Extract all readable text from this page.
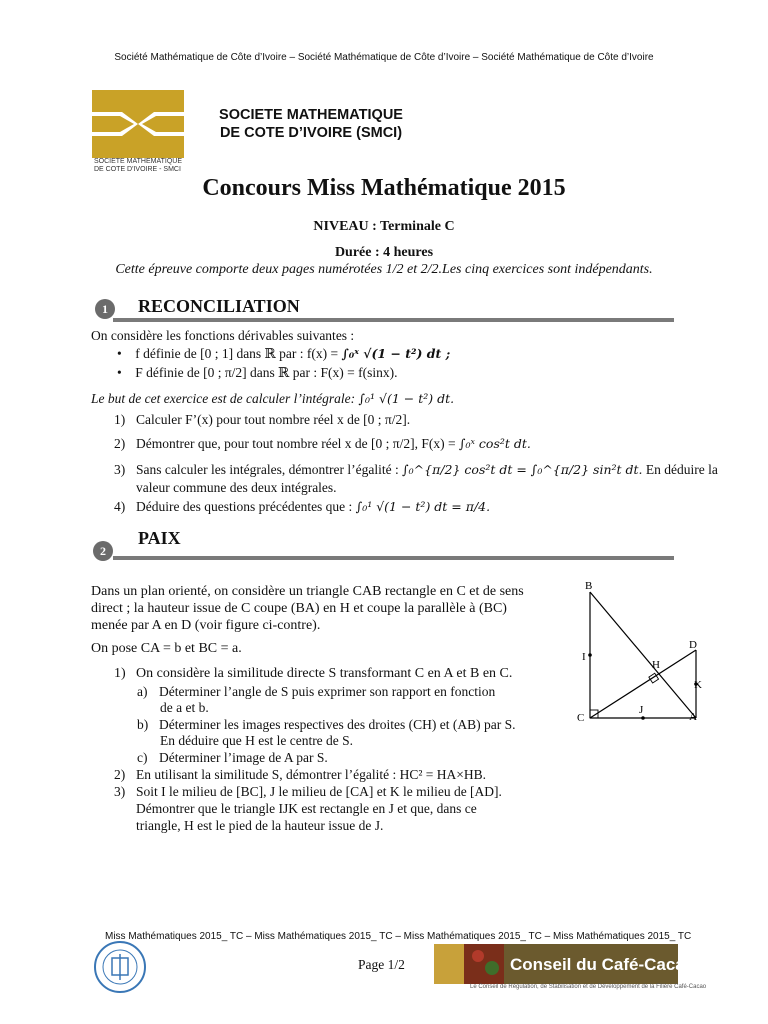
Société Mathématique de Côte d’Ivoire – Société Mathématique de Côte d’Ivoire – Société Mathématique de Côte d’Ivoire
SOCIETE MATHEMATIQUE
DE COTE D'IVOIRE - SMCI
SOCIETE MATHEMATIQUE
DE COTE D’IVOIRE (SMCI)
Concours Miss Mathématique 2015
NIVEAU : Terminale C
Durée : 4 heures
Cette épreuve comporte deux pages numérotées 1/2 et 2/2.Les cinq exercices sont indépendants.
1	RECONCILIATION
On considère les fonctions dérivables suivantes :
•    f définie de [0 ; 1] dans ℝ par : f(x) = ∫₀ˣ √(1 − t²) dt ;
•    F définie de [0 ; π/2] dans ℝ par : F(x) = f(sinx).
Le but de cet exercice est de calculer l’intégrale: ∫₀¹ √(1 − t²) dt.
1) Calculer F’(x) pour tout nombre réel x de [0 ; π/2].
2) Démontrer que, pour tout nombre réel x de [0 ; π/2], F(x) = ∫₀ˣ cos²t dt.
3) Sans calculer les intégrales, démontrer l’égalité : ∫₀^{π/2} cos²t dt = ∫₀^{π/2} sin²t dt. En déduire la
valeur commune des deux intégrales.
4) Déduire des questions précédentes que : ∫₀¹ √(1 − t²) dt = π/4.
2
PAIX
Dans un plan orienté, on considère un triangle CAB rectangle en C et de sens
direct ; la hauteur issue de C coupe (BA) en H et coupe la parallèle à (BC)
menée par A en D (voir figure ci-contre).
On pose CA = b et BC = a.
1) On considère la similitude directe S transformant C en A et B en C.
a) Déterminer l’angle de S puis exprimer son rapport en fonction
de a et b.
b) Déterminer les images respectives des droites (CH) et (AB) par S.
En déduire que H est le centre de S.
c) Déterminer l’image de A par S.
2) En utilisant la similitude S, démontrer l’égalité : HC² = HA×HB.
3) Soit I le milieu de [BC], J le milieu de [CA] et K le milieu de [AD].
Démontrer que le triangle IJK est rectangle en J et que, dans ce
triangle, H est le pied de la hauteur issue de J.
B
C
D
H
I
J
A
K
Miss Mathématiques 2015_ TC – Miss Mathématiques 2015_ TC – Miss Mathématiques 2015_ TC – Miss Mathématiques 2015_ TC
Page 1/2	Conseil du Café-Cacao
Le Conseil de Régulation, de Stabilisation et de Développement de la Filière Café-Cacao
